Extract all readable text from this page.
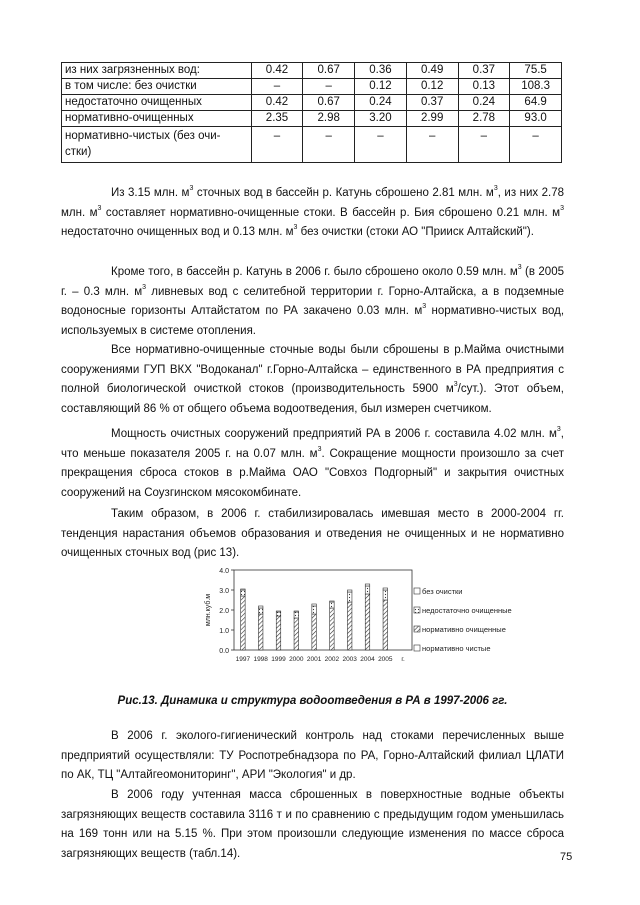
из них загрязненных вод:	0.42	0.67	0.36	0.49	0.37	75.5
в том числе: без очистки	–	–	0.12	0.12	0.13	108.3
недостаточно очищенных	0.42	0.67	0.24	0.37	0.24	64.9
нормативно-очищенных	2.35	2.98	3.20	2.99	2.78	93.0
нормативно-чистых (без очи-
стки)	–	–	–	–	–	–

Из 3.15 млн. $м^3$ сточных вод в бассейн р. Катунь сброшено 2.81 млн. $м^3$, из них 2.78 млн. $м^3$ составляет нормативно-очищенные стоки. В бассейн р. Бия сброшено 0.21 млн. $м^3$ недостаточно очищенных вод и 0.13 млн. $м^3$ без очистки (стоки АО "Прииск Алтайский").

Кроме того, в бассейн р. Катунь в 2006 г. было сброшено около 0.59 млн. $м^3$ (в 2005 г. – 0.3 млн. $м^3$ ливневых вод с селитебной территории г. Горно-Алтайска, а в подземные водоносные горизонты Алтайстатом по РА закачено 0.03 млн. $м^3$ нормативно-чистых вод, используемых в системе отопления.

Все нормативно-очищенные сточные воды были сброшены в р.Майма очистными сооружениями ГУП ВКХ "Водоканал" г.Горно-Алтайска – единственного в РА предприятия с полной биологической очисткой стоков (производительность 5900 $м^3/сут$.). Этот объем, составляющий 86 % от общего объема водоотведения, был измерен счетчиком.

Мощность очистных сооружений предприятий РА в 2006 г. составила 4.02 млн. $м^3$, что меньше показателя 2005 г. на 0.07 млн. $м^3$. Сокращение мощности произошло за счет прекращения сброса стоков в р.Майма ОАО "Совхоз Подгорный" и закрытия очистных сооружений на Соузгинском мясокомбинате.

Таким образом, в 2006 г. стабилизировалась имевшая место в 2000-2004 гг. тенденция нарастания объемов образования и отведения не очищенных и не нормативно очищенных сточных вод (рис 13).

0.0
1.0
2.0
3.0
4.0
млн.куб.м
1997 1998 1999 2000 2001 2002 2003 2004 2005 г.
без очистки
недостаточно очищенные
нормативно очищенные
нормативно чистые

Рис.13. Динамика и структура водоотведения в РА в 1997-2006 гг.

В 2006 г. эколого-гигиенический контроль над стоками перечисленных выше предприятий осуществляли: ТУ Роспотребнадзора по РА, Горно-Алтайский филиал ЦЛАТИ по АК, ТЦ "Алтайгеомониторинг", АРИ "Экология" и др.

В 2006 году учтенная масса сброшенных в поверхностные водные объекты загрязняющих веществ составила 3116 т и по сравнению с предыдущим годом уменьшилась на 169 тонн или на 5.15 %. При этом произошли следующие изменения по массе сброса загрязняющих веществ (табл.14).	75
